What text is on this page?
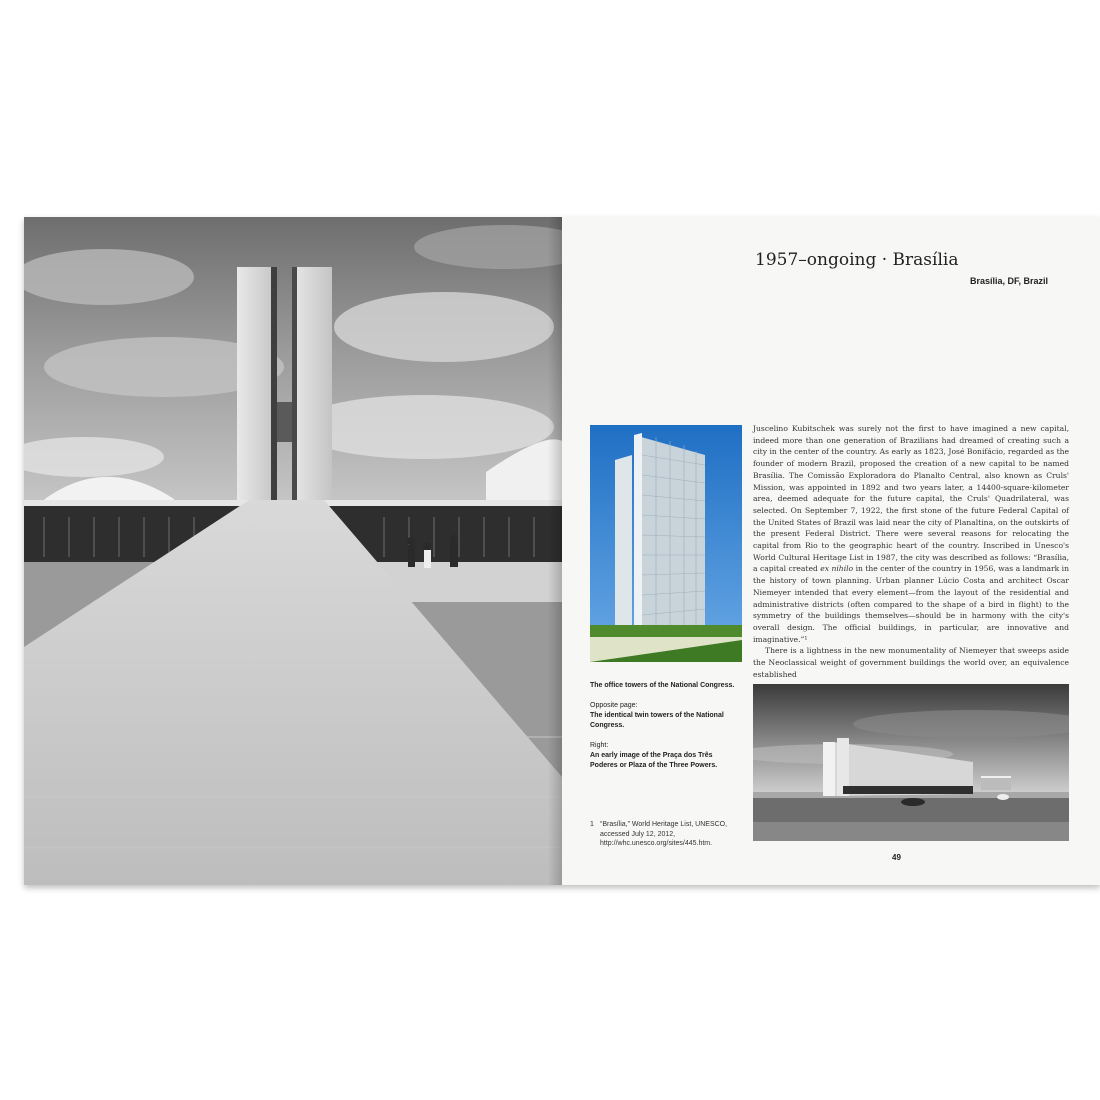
1957–ongoing · Brasília
Brasília, DF, Brazil

Juscelino Kubitschek was surely not the first to have imagined a new capital, indeed more than one generation of Brazilians had dreamed of creating such a city in the center of the country. As early as 1823, José Bonifácio, regarded as the founder of modern Brazil, proposed the creation of a new capital to be named Brasília. The Comissão Exploradora do Planalto Central, also known as Cruls' Mission, was appointed in 1892 and two years later, a 14400-square-kilometer area, deemed adequate for the future capital, the Cruls' Quadrilateral, was selected. On September 7, 1922, the first stone of the future Federal Capital of the United States of Brazil was laid near the city of Planaltina, on the outskirts of the present Federal District. There were several reasons for relocating the capital from Rio to the geographic heart of the country. Inscribed in Unesco's World Cultural Heritage List in 1987, the city was described as follows: “Brasília, a capital created ex nihilo in the center of the country in 1956, was a landmark in the history of town planning. Urban planner Lúcio Costa and architect Oscar Niemeyer intended that every element—from the layout of the residential and administrative districts (often compared to the shape of a bird in flight) to the symmetry of the buildings themselves—should be in harmony with the city's overall design. The official buildings, in particular, are innovative and imaginative.”¹

There is a lightness in the new monumentality of Niemeyer that sweeps aside the Neoclassical weight of government buildings the world over, an equivalence established

The office towers of the National Congress.
Opposite page:
The identical twin towers of the National Congress.
Right:
An early image of the Praça dos Três Poderes or Plaza of the Three Powers.
1 “Brasília,” World Heritage List, UNESCO, accessed July 12, 2012, http://whc.unesco.org/sites/445.htm.
49
